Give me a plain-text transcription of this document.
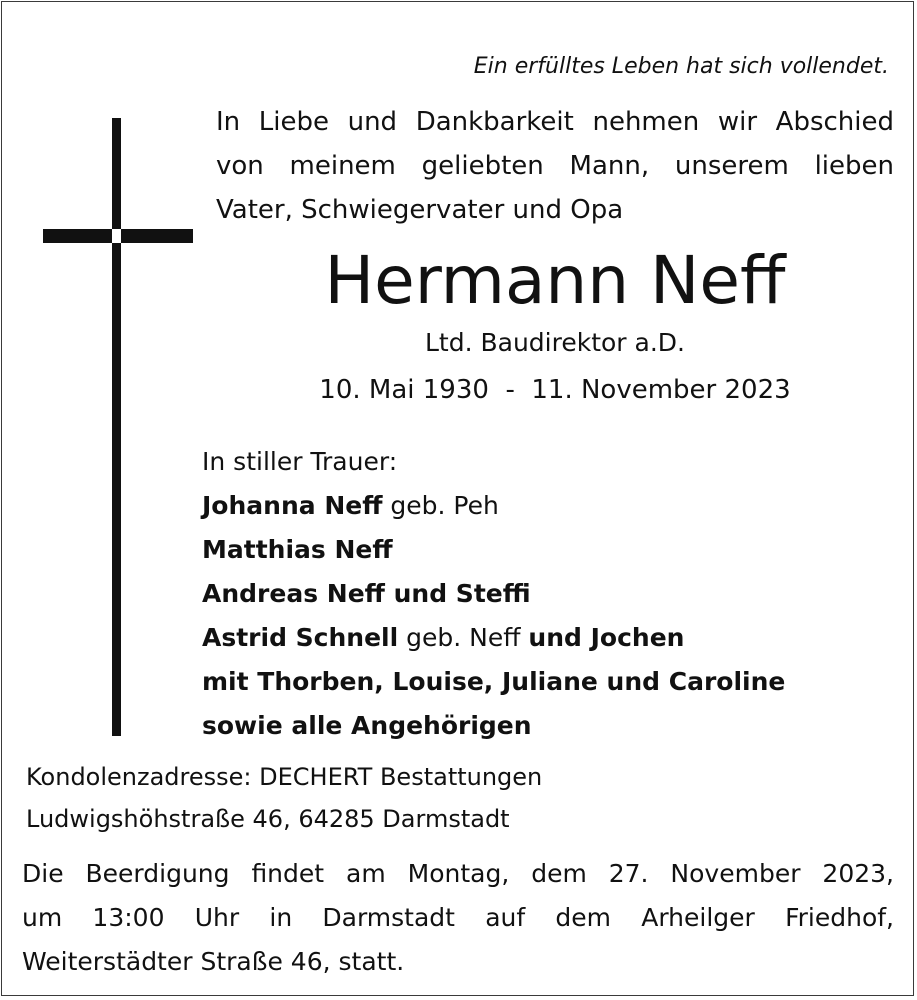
Ein erfülltes Leben hat sich vollendet.
In Liebe und Dankbarkeit nehmen wir Abschied
von meinem geliebten Mann, unserem lieben
Vater, Schwiegervater und Opa
Hermann Neff
Ltd. Baudirektor a.D.
10. Mai 1930  -  11. November 2023
In stiller Trauer:
Johanna Neff geb. Peh
Matthias Neff
Andreas Neff und Steffi
Astrid Schnell geb. Neff und Jochen
mit Thorben, Louise, Juliane und Caroline
sowie alle Angehörigen
Kondolenzadresse: DECHERT Bestattungen
Ludwigshöhstraße 46, 64285 Darmstadt
Die Beerdigung findet am Montag, dem 27. November 2023,
um 13:00 Uhr in Darmstadt auf dem Arheilger Friedhof,
Weiterstädter Straße 46, statt.
